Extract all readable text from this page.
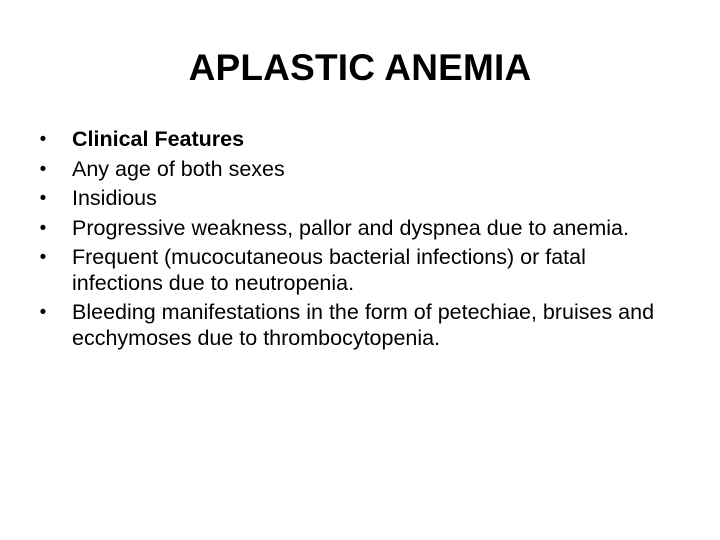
APLASTIC ANEMIA
• Clinical Features
• Any age of both sexes
• Insidious
• Progressive weakness, pallor and dyspnea due to anemia.
• Frequent (mucocutaneous bacterial infections) or fatal infections due to neutropenia.
• Bleeding manifestations in the form of petechiae, bruises and ecchymoses due to thrombocytopenia.
